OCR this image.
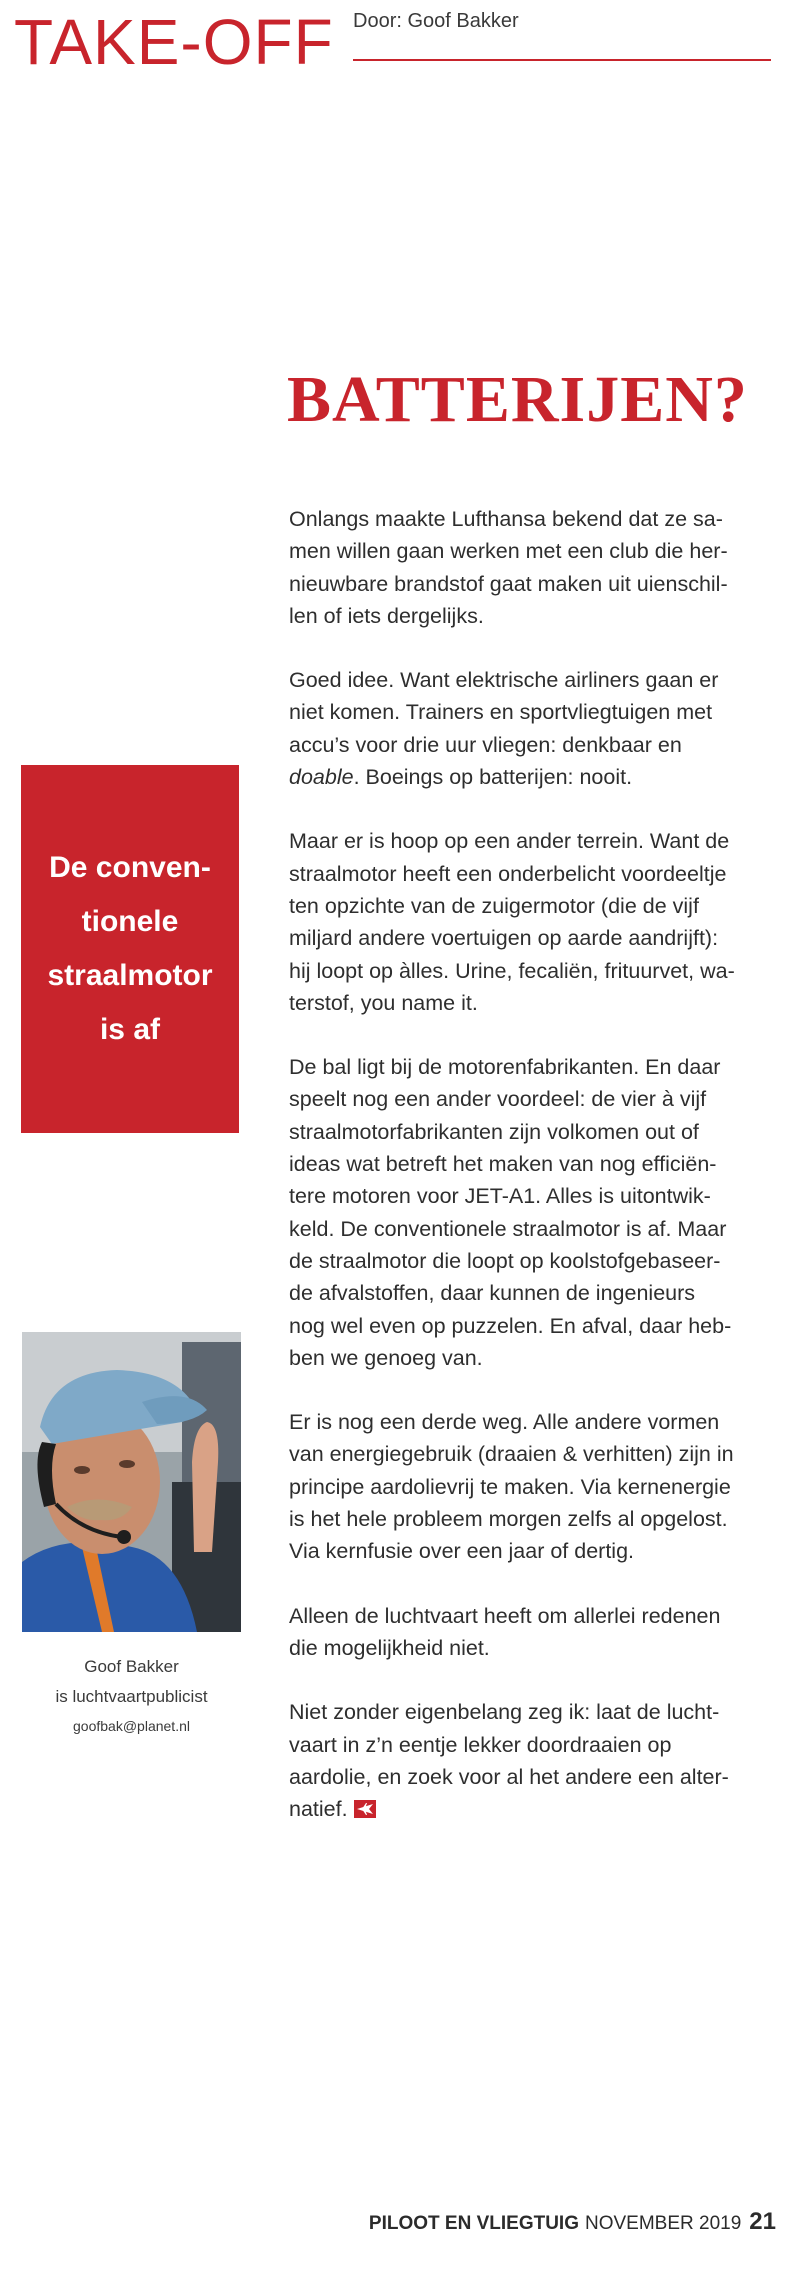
TAKE-OFF Door: Goof Bakker
BATTERIJEN?

Onlangs maakte Lufthansa bekend dat ze sa-
men willen gaan werken met een club die her-
nieuwbare brandstof gaat maken uit uienschil-
len of iets dergelijks.

Goed idee. Want elektrische airliners gaan er
niet komen. Trainers en sportvliegtuigen met
accu’s voor drie uur vliegen: denkbaar en
doable. Boeings op batterijen: nooit.

Maar er is hoop op een ander terrein. Want de
straalmotor heeft een onderbelicht voordeeltje
ten opzichte van de zuigermotor (die de vijf
miljard andere voertuigen op aarde aandrijft):
hij loopt op àlles. Urine, fecaliën, frituurvet, wa-
terstof, you name it.

De bal ligt bij de motorenfabrikanten. En daar
speelt nog een ander voordeel: de vier à vijf
straalmotorfabrikanten zijn volkomen out of
ideas wat betreft het maken van nog efficiën-
tere motoren voor JET-A1. Alles is uitontwik-
keld. De conventionele straalmotor is af. Maar
de straalmotor die loopt op koolstofgebaseer-
de afvalstoffen, daar kunnen de ingenieurs
nog wel even op puzzelen. En afval, daar heb-
ben we genoeg van.

Er is nog een derde weg. Alle andere vormen
van energiegebruik (draaien & verhitten) zijn in
principe aardolievrij te maken. Via kernenergie
is het hele probleem morgen zelfs al opgelost.
Via kernfusie over een jaar of dertig.

Alleen de luchtvaart heeft om allerlei redenen
die mogelijkheid niet.

Niet zonder eigenbelang zeg ik: laat de lucht-
vaart in z’n eentje lekker doordraaien op
aardolie, en zoek voor al het andere een alter-
natief.

De conven-
tionele
straalmotor
is af
Goof Bakker
is luchtvaartpublicist
goofbak@planet.nl
PILOOT EN VLIEGTUIG NOVEMBER 2019 21
